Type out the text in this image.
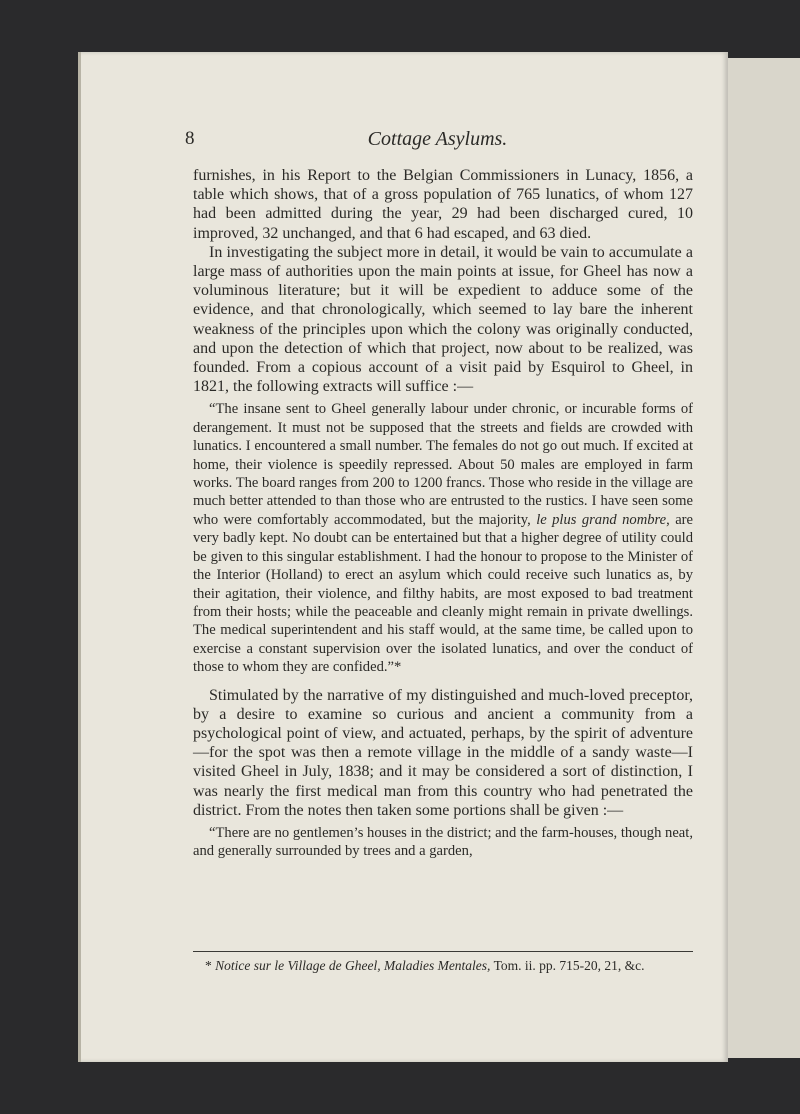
8	Cottage Asylums.

furnishes, in his Report to the Belgian Commissioners in Lunacy, 1856, a table which shows, that of a gross population of 765 lunatics, of whom 127 had been admitted during the year, 29 had been discharged cured, 10 improved, 32 unchanged, and that 6 had escaped, and 63 died.

In investigating the subject more in detail, it would be vain to accumulate a large mass of authorities upon the main points at issue, for Gheel has now a voluminous literature; but it will be expedient to adduce some of the evidence, and that chronologically, which seemed to lay bare the inherent weakness of the principles upon which the colony was originally conducted, and upon the detection of which that project, now about to be realized, was founded. From a copious account of a visit paid by Esquirol to Gheel, in 1821, the following extracts will suffice :—

“The insane sent to Gheel generally labour under chronic, or incurable forms of derangement. It must not be supposed that the streets and fields are crowded with lunatics. I encountered a small number. The females do not go out much. If excited at home, their violence is speedily repressed. About 50 males are employed in farm works. The board ranges from 200 to 1200 francs. Those who reside in the village are much better attended to than those who are entrusted to the rustics. I have seen some who were comfortably accommodated, but the majority, le plus grand nombre, are very badly kept. No doubt can be entertained but that a higher degree of utility could be given to this singular establishment. I had the honour to propose to the Minister of the Interior (Holland) to erect an asylum which could receive such lunatics as, by their agitation, their violence, and filthy habits, are most exposed to bad treatment from their hosts; while the peaceable and cleanly might remain in private dwellings. The medical superintendent and his staff would, at the same time, be called upon to exercise a constant supervision over the isolated lunatics, and over the conduct of those to whom they are confided.”*

Stimulated by the narrative of my distinguished and much-loved preceptor, by a desire to examine so curious and ancient a community from a psychological point of view, and actuated, perhaps, by the spirit of adventure—for the spot was then a remote village in the middle of a sandy waste—I visited Gheel in July, 1838; and it may be considered a sort of distinction, I was nearly the first medical man from this country who had penetrated the district. From the notes then taken some portions shall be given :—

“There are no gentlemen’s houses in the district; and the farm-houses, though neat, and generally surrounded by trees and a garden,

* Notice sur le Village de Gheel, Maladies Mentales, Tom. ii. pp. 715-20, 21, &c.
